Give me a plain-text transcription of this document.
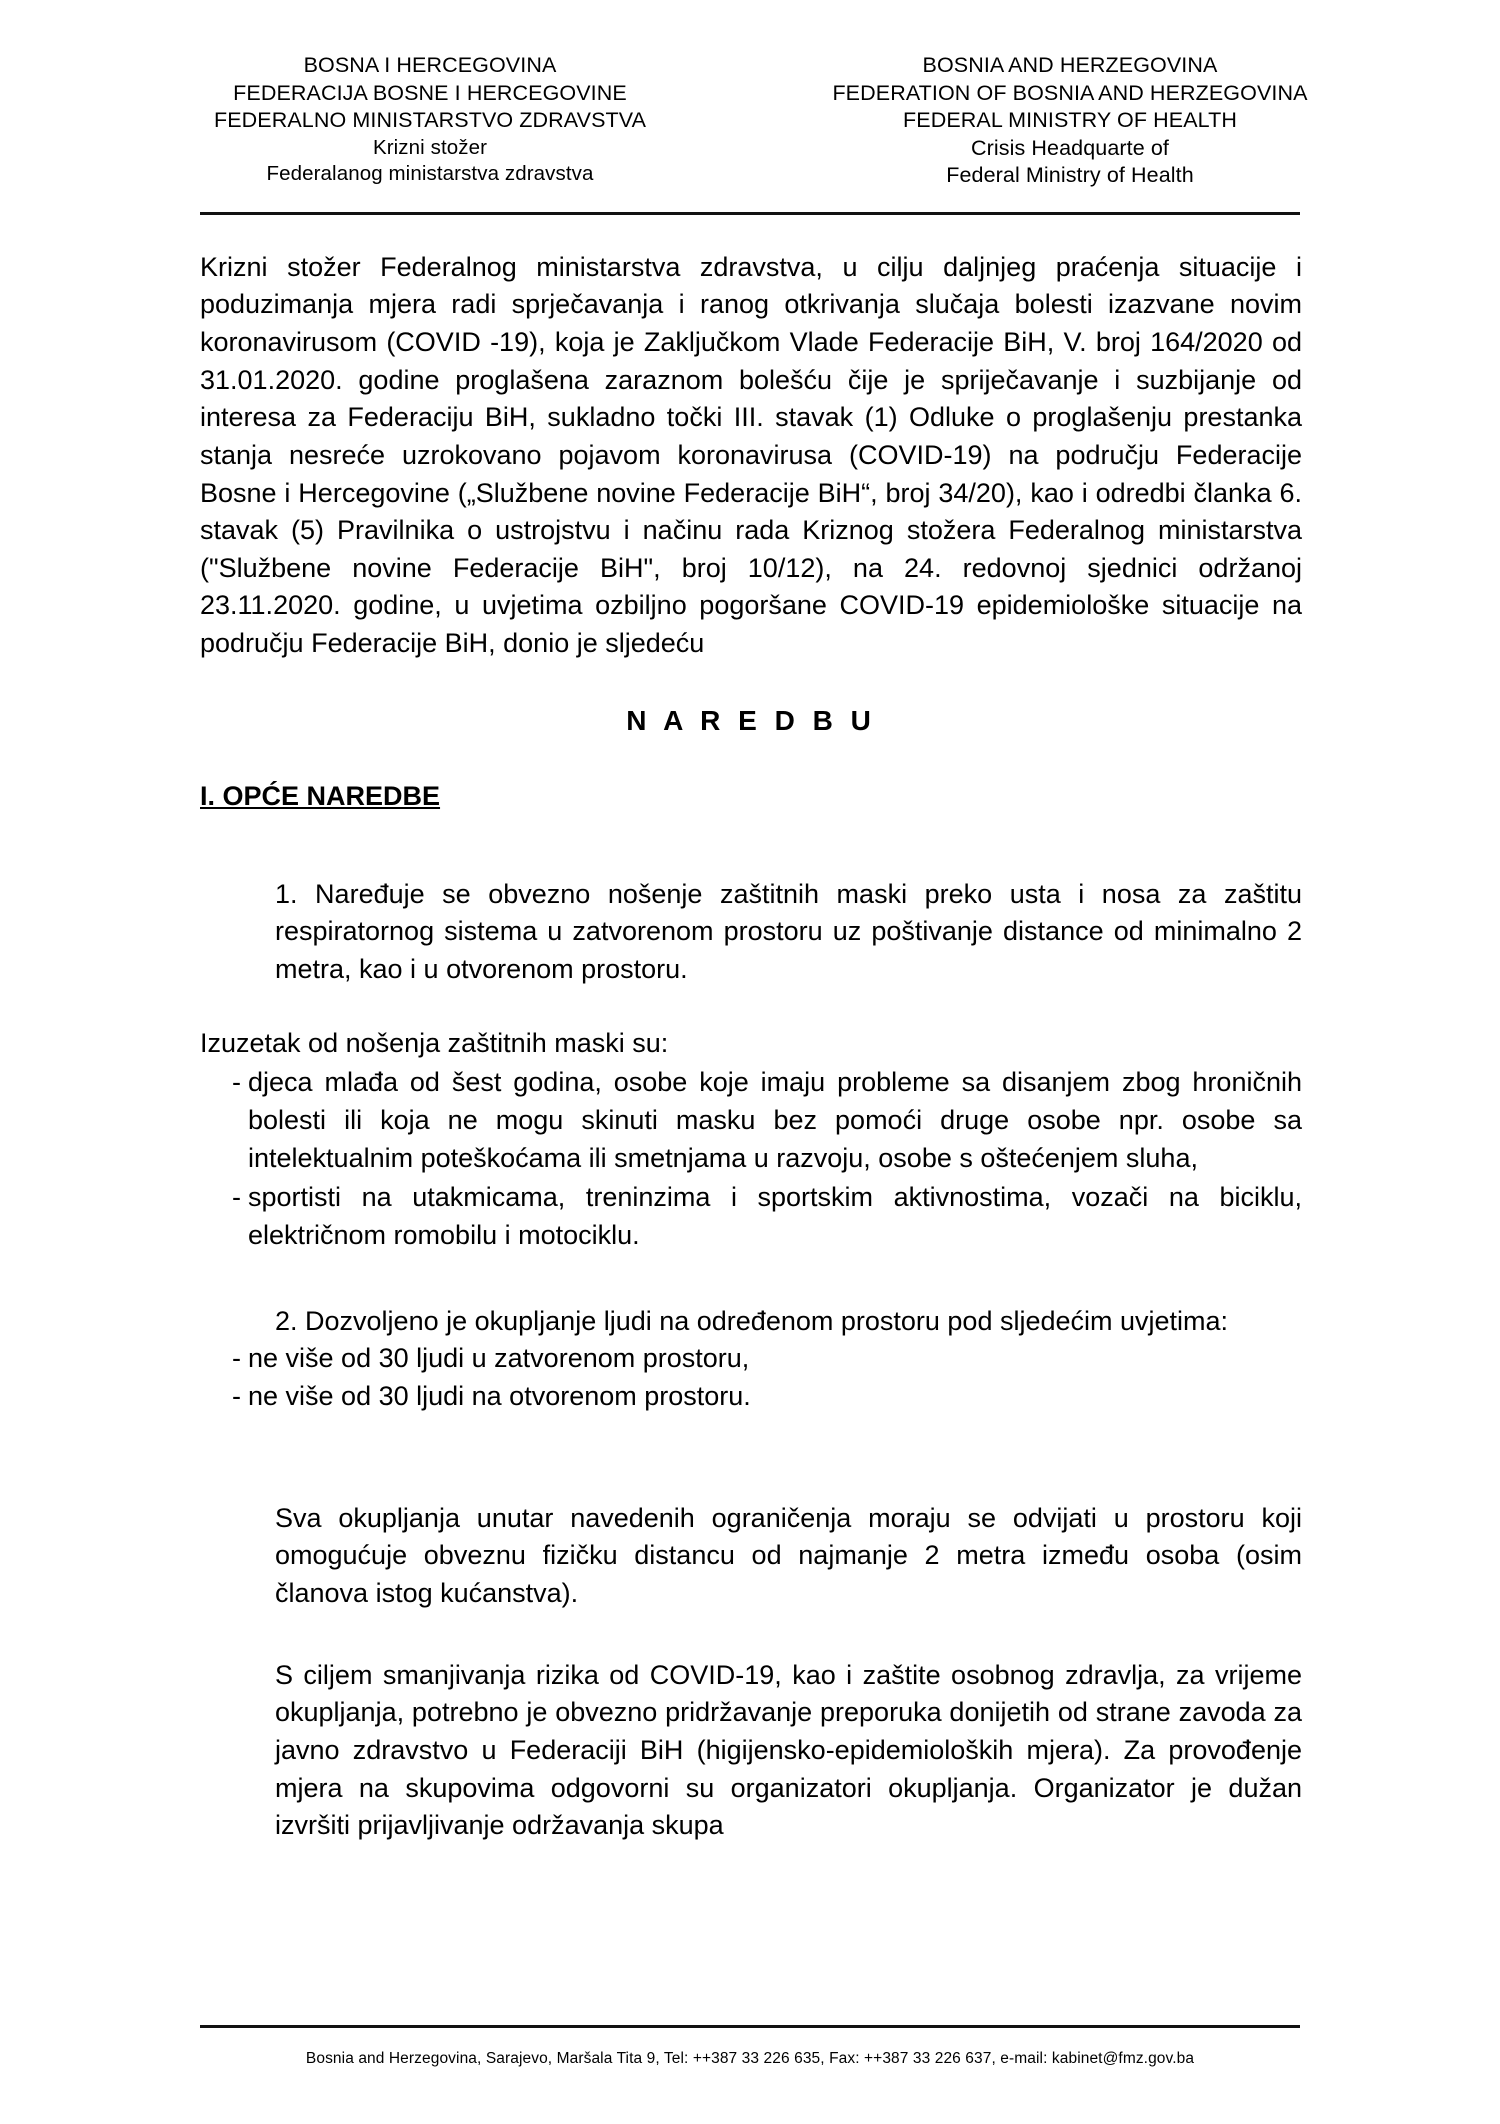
BOSNA I HERCEGOVINA
FEDERACIJA BOSNE I HERCEGOVINE
FEDERALNO MINISTARSTVO ZDRAVSTVA
Krizni stožer
Federalanog ministarstva zdravstva
BOSNIA AND HERZEGOVINA
FEDERATION OF BOSNIA AND HERZEGOVINA
FEDERAL MINISTRY OF HEALTH
Crisis Headquarte of
Federal Ministry of Health

Krizni stožer Federalnog ministarstva zdravstva, u cilju daljnjeg praćenja situacije i poduzimanja mjera radi sprječavanja i ranog otkrivanja slučaja bolesti izazvane novim koronavirusom (COVID -19), koja je Zaključkom Vlade Federacije BiH, V. broj 164/2020 od 31.01.2020. godine proglašena zaraznom bolešću čije je spriječavanje i suzbijanje od interesa za Federaciju BiH, sukladno točki III. stavak (1) Odluke o proglašenju prestanka stanja nesreće uzrokovano pojavom koronavirusa (COVID-19) na području Federacije Bosne i Hercegovine („Službene novine Federacije BiH“, broj 34/20), kao i odredbi članka 6. stavak (5) Pravilnika o ustrojstvu i načinu rada Kriznog stožera Federalnog ministarstva ("Službene novine Federacije BiH", broj 10/12), na 24. redovnoj sjednici održanoj 23.11.2020. godine, u uvjetima ozbiljno pogoršane COVID-19 epidemiološke situacije na području Federacije BiH, donio je sljedeću

N A R E D B U
I. OPĆE NAREDBE

1. Naređuje se obvezno nošenje zaštitnih maski preko usta i nosa za zaštitu respiratornog sistema u zatvorenom prostoru uz poštivanje distance od minimalno 2 metra, kao i u otvorenom prostoru.

Izuzetak od nošenja zaštitnih maski su:

- djeca mlađa od šest godina, osobe koje imaju probleme sa disanjem zbog hroničnih bolesti ili koja ne mogu skinuti masku bez pomoći druge osobe npr. osobe sa intelektualnim poteškoćama ili smetnjama u razvoju, osobe s oštećenjem sluha,
- sportisti na utakmicama, treninzima i sportskim aktivnostima, vozači na biciklu, električnom romobilu i motociklu.

2. Dozvoljeno je okupljanje ljudi na određenom prostoru pod sljedećim uvjetima:

- ne više od 30 ljudi u zatvorenom prostoru,
- ne više od 30 ljudi na otvorenom prostoru.

Sva okupljanja unutar navedenih ograničenja moraju se odvijati u prostoru koji omogućuje obveznu fizičku distancu od najmanje 2 metra između osoba (osim članova istog kućanstva).

S ciljem smanjivanja rizika od COVID-19, kao i zaštite osobnog zdravlja, za vrijeme okupljanja, potrebno je obvezno pridržavanje preporuka donijetih od strane zavoda za javno zdravstvo u Federaciji BiH (higijensko-epidemioloških mjera). Za provođenje mjera na skupovima odgovorni su organizatori okupljanja. Organizator je dužan izvršiti prijavljivanje održavanja skupa

Bosnia and Herzegovina, Sarajevo, Maršala Tita 9, Tel: ++387 33 226 635, Fax: ++387 33 226 637, e-mail: kabinet@fmz.gov.ba
